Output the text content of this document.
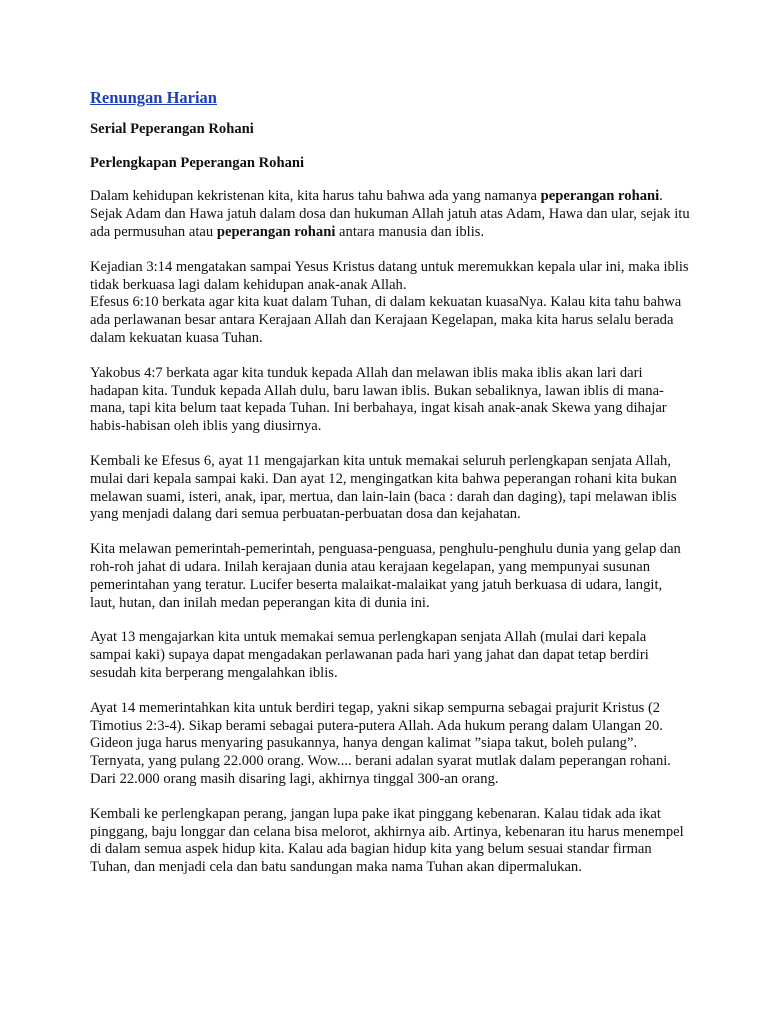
Renungan Harian
Serial Peperangan Rohani
Perlengkapan Peperangan Rohani

Dalam kehidupan kekristenan kita, kita harus tahu bahwa ada yang namanya peperangan rohani. Sejak Adam dan Hawa jatuh dalam dosa dan hukuman Allah jatuh atas Adam, Hawa dan ular, sejak itu ada permusuhan atau peperangan rohani antara manusia dan iblis.

Kejadian 3:14 mengatakan sampai Yesus Kristus datang untuk meremukkan kepala ular ini, maka iblis tidak berkuasa lagi dalam kehidupan anak-anak Allah.
Efesus 6:10 berkata agar kita kuat dalam Tuhan, di dalam kekuatan kuasaNya. Kalau kita tahu bahwa ada perlawanan besar antara Kerajaan Allah dan Kerajaan Kegelapan, maka kita harus selalu berada dalam kekuatan kuasa Tuhan.

Yakobus 4:7 berkata agar kita tunduk kepada Allah dan melawan iblis maka iblis akan lari dari hadapan kita. Tunduk kepada Allah dulu, baru lawan iblis. Bukan sebaliknya, lawan iblis di mana-mana, tapi kita belum taat kepada Tuhan. Ini berbahaya, ingat kisah anak-anak Skewa yang dihajar habis-habisan oleh iblis yang diusirnya.

Kembali ke Efesus 6, ayat 11 mengajarkan kita untuk memakai seluruh perlengkapan senjata Allah, mulai dari kepala sampai kaki. Dan ayat 12, mengingatkan kita bahwa peperangan rohani kita bukan melawan suami, isteri, anak, ipar, mertua, dan lain-lain (baca : darah dan daging), tapi melawan iblis yang menjadi dalang dari semua perbuatan-perbuatan dosa dan kejahatan.

Kita melawan pemerintah-pemerintah, penguasa-penguasa, penghulu-penghulu dunia yang gelap dan roh-roh jahat di udara. Inilah kerajaan dunia atau kerajaan kegelapan, yang mempunyai susunan pemerintahan yang teratur. Lucifer beserta malaikat-malaikat yang jatuh berkuasa di udara, langit, laut, hutan, dan inilah medan peperangan kita di dunia ini.

Ayat 13 mengajarkan kita untuk memakai semua perlengkapan senjata Allah (mulai dari kepala sampai kaki) supaya dapat mengadakan perlawanan pada hari yang jahat dan dapat tetap berdiri sesudah kita berperang mengalahkan iblis.

Ayat 14 memerintahkan kita untuk berdiri tegap, yakni sikap sempurna sebagai prajurit Kristus (2 Timotius 2:3-4). Sikap berami sebagai putera-putera Allah. Ada hukum perang dalam Ulangan 20. Gideon juga harus menyaring pasukannya, hanya dengan kalimat ”siapa takut, boleh pulang”. Ternyata, yang pulang 22.000 orang. Wow.... berani adalan syarat mutlak dalam peperangan rohani. Dari 22.000 orang masih disaring lagi, akhirnya tinggal 300-an orang.

Kembali ke perlengkapan perang, jangan lupa pake ikat pinggang kebenaran. Kalau tidak ada ikat pinggang, baju longgar dan celana bisa melorot, akhirnya aib. Artinya, kebenaran itu harus menempel di dalam semua aspek hidup kita. Kalau ada bagian hidup kita yang belum sesuai standar firman Tuhan, dan menjadi cela dan batu sandungan maka nama Tuhan akan dipermalukan.
